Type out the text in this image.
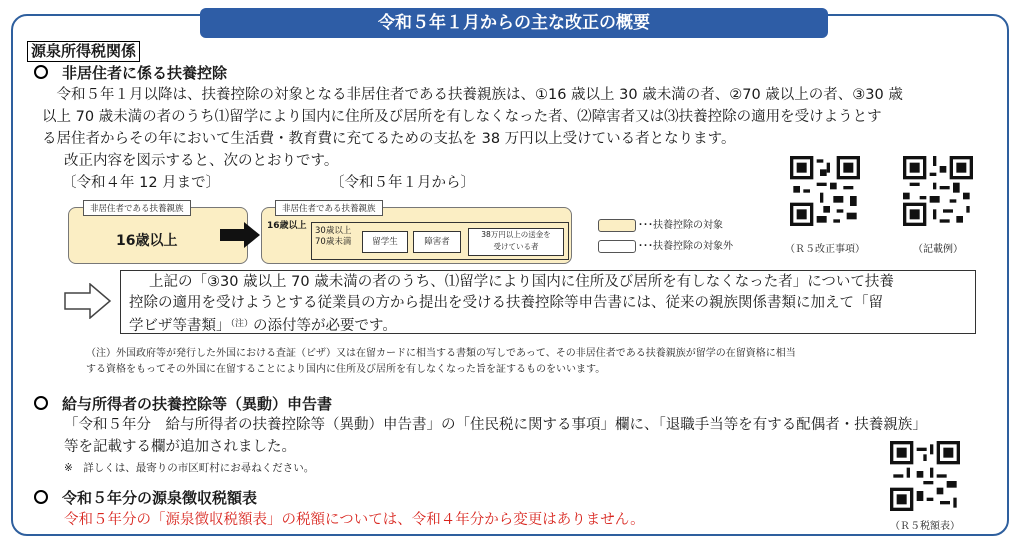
令和５年１月からの主な改正の概要
源泉所得税関係
非居住者に係る扶養控除
　令和５年１月以降は、扶養控除の対象となる非居住者である扶養親族は、①16 歳以上 30 歳未満の者、②70 歳以上の者、③30 歳
以上 70 歳未満の者のうち⑴留学により国内に住所及び居所を有しなくなった者、⑵障害者又は⑶扶養控除の適用を受けようとす
る居住者からその年において生活費・教育費に充てるための支払を 38 万円以上受けている者となります。
改正内容を図示すると、次のとおりです。
〔令和４年 12 月まで〕	〔令和５年１月から〕
16歳以上
非居住者である扶養親族
16歳以上 30歳以上
70歳未満	留学生	障害者
38万円以上の送金を
受けている者
非居住者である扶養親族
･･･扶養控除の対象
･･･扶養控除の対象外	（Ｒ５改正事項）	（記載例）
上記の「③30 歳以上 70 歳未満の者のうち、⑴留学により国内に住所及び居所を有しなくなった者」について扶養
控除の適用を受けようとする従業員の方から提出を受ける扶養控除等申告書には、従来の親族関係書類に加えて「留
学ビザ等書類」$^{(注)}$の添付等が必要です。
（注）外国政府等が発行した外国における査証（ビザ）又は在留カードに相当する書類の写しであって、その非居住者である扶養親族が留学の在留資格に相当
する資格をもってその外国に在留することにより国内に住所及び居所を有しなくなった旨を証するものをいいます。
給与所得者の扶養控除等（異動）申告書
「令和５年分　給与所得者の扶養控除等（異動）申告書」の「住民税に関する事項」欄に、「退職手当等を有する配偶者・扶養親族」
等を記載する欄が追加されました。
※　詳しくは、最寄りの市区町村にお尋ねください。
令和５年分の源泉徴収税額表
令和５年分の「源泉徴収税額表」の税額については、令和４年分から変更はありません。	（Ｒ５税額表）
